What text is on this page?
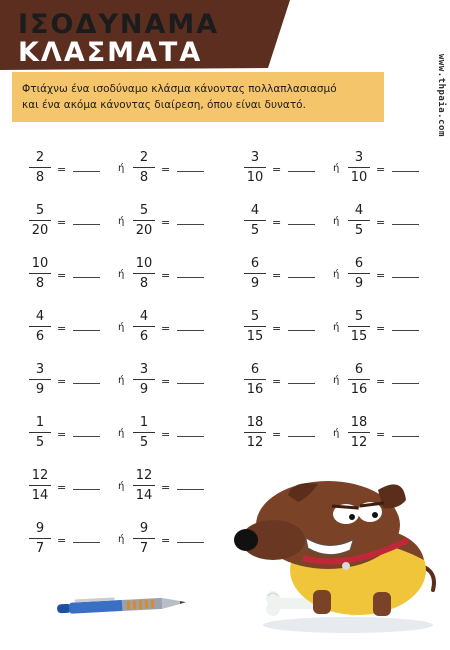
ΙΣΟΔΥΝΑΜΑ
ΚΛΑΣΜΑΤΑ
www.thpaia.com
Φτιάχνω ένα ισοδύναμο κλάσμα κάνοντας πολλαπλασιασμό
και ένα ακόμα κάνοντας διαίρεση, όπου είναι δυνατό.
2
8
=	ή
2
8
=
5
20
=	ή
5
20
=
10
8
=	ή
10
8
=
4
6
=	ή
4
6
=
3
9
=	ή
3
9
=
1
5
=	ή
1
5
=
12
14
=	ή
12
14
=
9
7
=	ή
9
7
=
3
10
=	ή
3
10
=
4
5
=	ή
4
5
=
6
9
=	ή
6
9
=
5
15
=	ή
5
15
=
6
16
=	ή
6
16
=
18
12
=	ή
18
12
=
